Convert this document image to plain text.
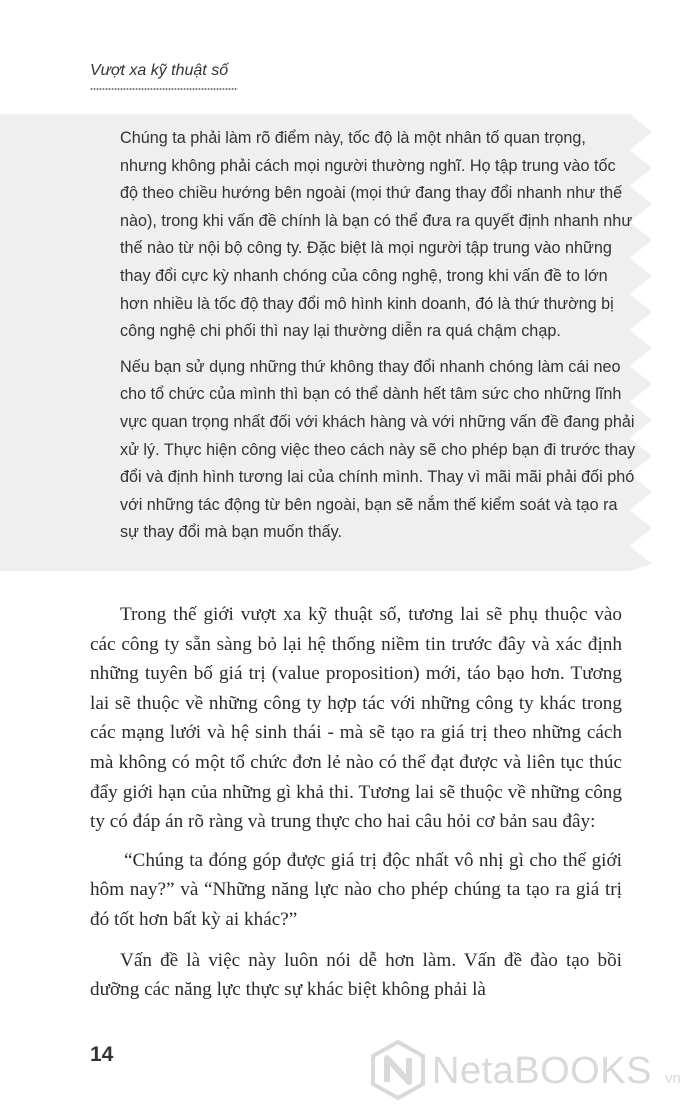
Vượt xa kỹ thuật số

Chúng ta phải làm rõ điểm này, tốc độ là một nhân tố quan trọng, nhưng không phải cách mọi người thường nghĩ. Họ tập trung vào tốc độ theo chiều hướng bên ngoài (mọi thứ đang thay đổi nhanh như thế nào), trong khi vấn đề chính là bạn có thể đưa ra quyết định nhanh như thế nào từ nội bộ công ty. Đặc biệt là mọi người tập trung vào những thay đổi cực kỳ nhanh chóng của công nghệ, trong khi vấn đề to lớn hơn nhiều là tốc độ thay đổi mô hình kinh doanh, đó là thứ thường bị công nghệ chi phối thì nay lại thường diễn ra quá chậm chạp.

Nếu bạn sử dụng những thứ không thay đổi nhanh chóng làm cái neo cho tổ chức của mình thì bạn có thể dành hết tâm sức cho những lĩnh vực quan trọng nhất đối với khách hàng và với những vấn đề đang phải xử lý. Thực hiện công việc theo cách này sẽ cho phép bạn đi trước thay đổi và định hình tương lai của chính mình. Thay vì mãi mãi phải đối phó với những tác động từ bên ngoài, bạn sẽ nắm thế kiểm soát và tạo ra sự thay đổi mà bạn muốn thấy.

Trong thế giới vượt xa kỹ thuật số, tương lai sẽ phụ thuộc vào các công ty sẵn sàng bỏ lại hệ thống niềm tin trước đây và xác định những tuyên bố giá trị (value proposition) mới, táo bạo hơn. Tương lai sẽ thuộc về những công ty hợp tác với những công ty khác trong các mạng lưới và hệ sinh thái - mà sẽ tạo ra giá trị theo những cách mà không có một tổ chức đơn lẻ nào có thể đạt được và liên tục thúc đẩy giới hạn của những gì khả thi. Tương lai sẽ thuộc về những công ty có đáp án rõ ràng và trung thực cho hai câu hỏi cơ bản sau đây:

“Chúng ta đóng góp được giá trị độc nhất vô nhị gì cho thế giới hôm nay?” và “Những năng lực nào cho phép chúng ta tạo ra giá trị đó tốt hơn bất kỳ ai khác?”

Vấn đề là việc này luôn nói dễ hơn làm. Vấn đề đào tạo bồi dưỡng các năng lực thực sự khác biệt không phải là

14	NetaBOOKS vn
